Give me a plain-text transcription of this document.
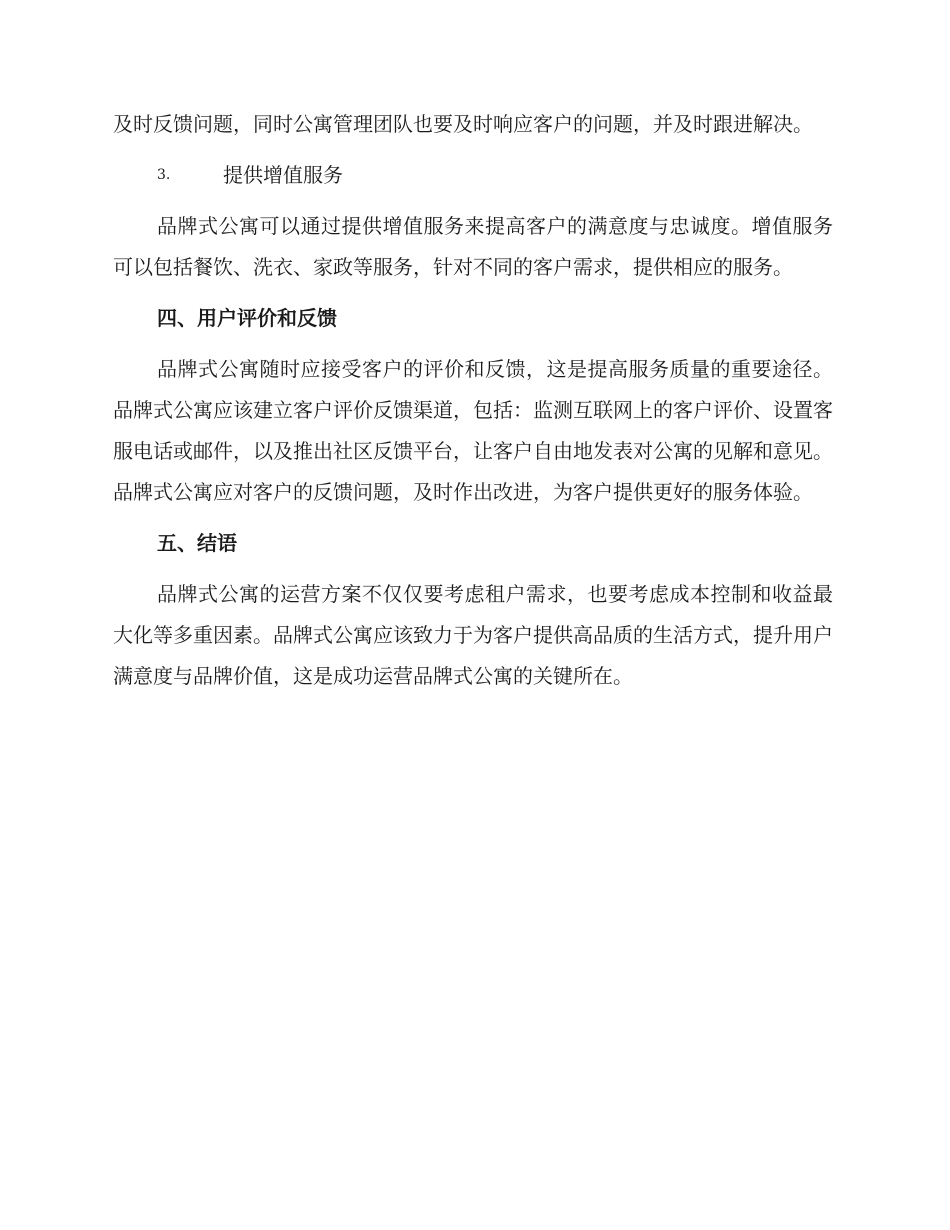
及时反馈问题，同时公寓管理团队也要及时响应客户的问题，并及时跟进解决。

3.	提供增值服务

品牌式公寓可以通过提供增值服务来提高客户的满意度与忠诚度。增值服务可以包括餐饮、洗衣、家政等服务，针对不同的客户需求，提供相应的服务。

四、用户评价和反馈

品牌式公寓随时应接受客户的评价和反馈，这是提高服务质量的重要途径。品牌式公寓应该建立客户评价反馈渠道，包括：监测互联网上的客户评价、设置客服电话或邮件，以及推出社区反馈平台，让客户自由地发表对公寓的见解和意见。品牌式公寓应对客户的反馈问题，及时作出改进，为客户提供更好的服务体验。

五、结语

品牌式公寓的运营方案不仅仅要考虑租户需求，也要考虑成本控制和收益最大化等多重因素。品牌式公寓应该致力于为客户提供高品质的生活方式，提升用户满意度与品牌价值，这是成功运营品牌式公寓的关键所在。
